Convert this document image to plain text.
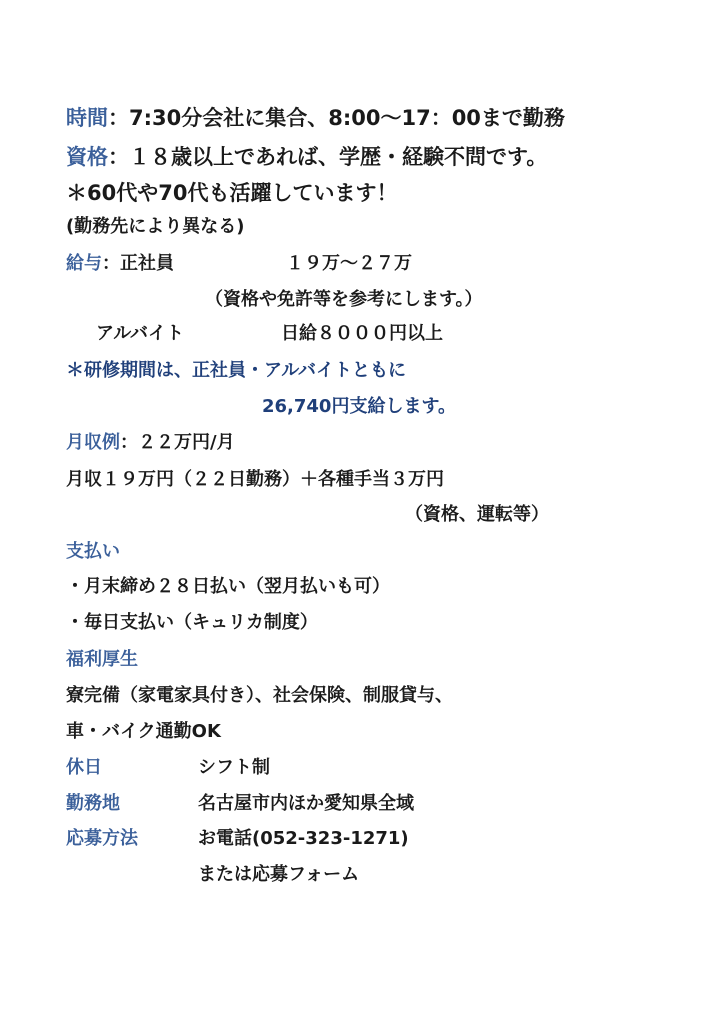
時間：7:30分会社に集合、8:00〜17：00まで勤務
資格：１８歳以上であれば、学歴・経験不問です。
＊60代や70代も活躍しています！
(勤務先により異なる)
給与：正社員	１９万〜２７万
（資格や免許等を参考にします。）
アルバイト	日給８０００円以上
＊研修期間は、正社員・アルバイトともに
26,740円支給します。
月収例：２２万円/月
月収１９万円（２２日勤務）＋各種手当３万円
（資格、運転等）
支払い
・月末締め２８日払い（翌月払いも可）
・毎日支払い（キュリカ制度）
福利厚生
寮完備（家電家具付き）、社会保険、制服貸与、
車・バイク通勤OK
休日	シフト制
勤務地	名古屋市内ほか愛知県全域
応募方法	お電話(052-323-1271)
または応募フォーム
